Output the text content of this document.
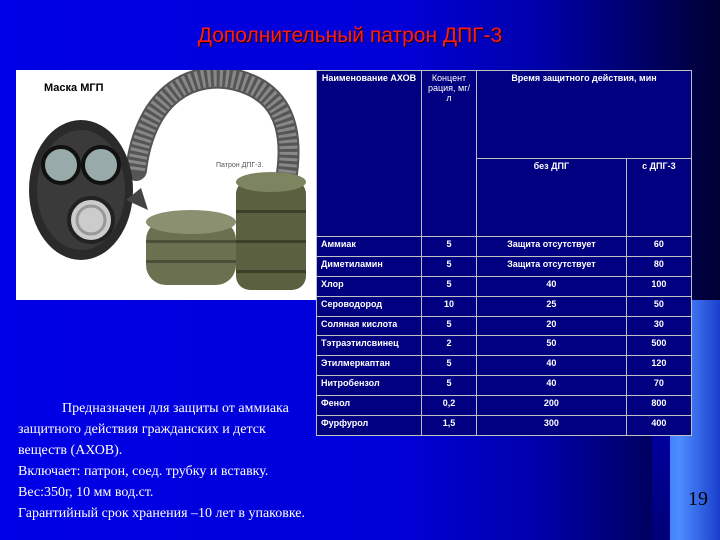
Дополнительный патрон ДПГ-3
Маска МГП
Патрон ДПГ-3.
Наименование АХОВ	Концент рация, мг/л	Время защитного действия, мин	
		без ДПГ	с ДПГ-3
Аммиак	5	Защита отсутствует	60
Диметиламин	5	Защита отсутствует	80
Хлор	5	40	100
Сероводород	10	25	50
Соляная кислота	5	20	30
Тэтраэтилсвинец	2	50	500
Этилмеркаптан	5	40	120
Нитробензол	5	40	70
Фенол	0,2	200	800
Фурфурол	1,5	300	400

Предназначен для защиты от аммиака

защитного действия гражданских и детск

веществ (АХОВ).

Включает: патрон, соед. трубку и вставку.

Вес:350г, 10 мм вод.ст.

Гарантийный срок хранения –10 лет в упаковке.

19
